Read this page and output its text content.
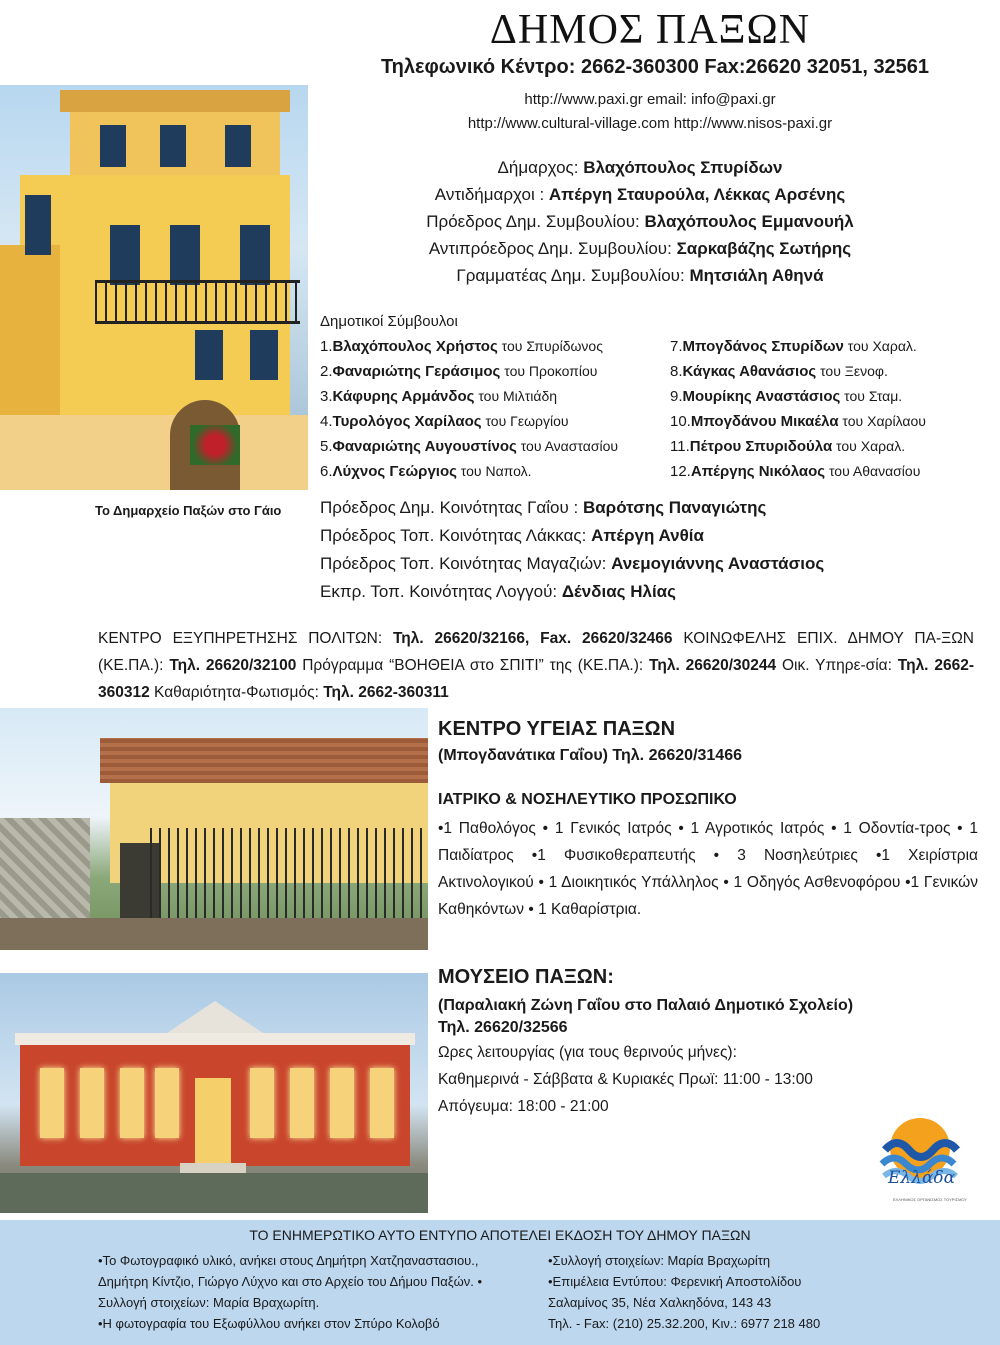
Το Δημαρχείο Παξών στο Γάιο
ΔΗΜΟΣ ΠΑΞΩΝ
Τηλεφωνικό Κέντρο: 2662-360300 Fax:26620 32051, 32561
http://www.paxi.gr email: info@paxi.gr
http://www.cultural-village.com http://www.nisos-paxi.gr
Δήμαρχος: Βλαχόπουλος Σπυρίδων
Αντιδήμαρχοι : Απέργη Σταυρούλα, Λέκκας Αρσένης
Πρόεδρος Δημ. Συμβουλίου: Βλαχόπουλος Εμμανουήλ
Αντιπρόεδρος Δημ. Συμβουλίου: Σαρκαβάζης Σωτήρης
Γραμματέας Δημ. Συμβουλίου: Μητσιάλη Αθηνά
Δημοτικοί Σύμβουλοι
1.Βλαχόπουλος Χρήστος του Σπυρίδωνος
2.Φαναριώτης Γεράσιμος του Προκοπίου
3.Κάφυρης Αρμάνδος του Μιλτιάδη
4.Τυρολόγος Χαρίλαος του Γεωργίου
5.Φαναριώτης Αυγουστίνος του Αναστασίου
6.Λύχνος Γεώργιος του Ναπολ.
7.Μπογδάνος Σπυρίδων του Χαραλ.
8.Κάγκας Αθανάσιος του Ξενοφ.
9.Μουρίκης Αναστάσιος του Σταμ.
10.Μπογδάνου Μικαέλα του Χαρίλαου
11.Πέτρου Σπυριδούλα του Χαραλ.
12.Απέργης Νικόλαος του Αθανασίου
Πρόεδρος Δημ. Κοινότητας Γαΐου : Βαρότσης Παναγιώτης
Πρόεδρος Τοπ. Κοινότητας Λάκκας: Απέργη Ανθία
Πρόεδρος Τοπ. Κοινότητας Μαγαζιών: Ανεμογιάννης Αναστάσιος
Εκπρ. Τοπ. Κοινότητας Λογγού: Δένδιας Ηλίας
ΚΕΝΤΡΟ ΕΞΥΠΗΡΕΤΗΣΗΣ ΠΟΛΙΤΩΝ: Τηλ. 26620/32166, Fax. 26620/32466 ΚΟΙΝΩΦΕΛΗΣ ΕΠΙΧ. ΔΗΜΟΥ ΠΑ-ΞΩΝ (ΚΕ.ΠΑ.): Τηλ. 26620/32100 Πρόγραμμα “ΒΟΗΘΕΙΑ στο ΣΠΙΤΙ” της (ΚΕ.ΠΑ.): Τηλ. 26620/30244 Οικ. Υπηρε-σία: Τηλ. 2662-360312 Καθαριότητα-Φωτισμός: Τηλ. 2662-360311

ΚΕΝΤΡΟ ΥΓΕΙΑΣ ΠΑΞΩΝ

(Μπογδανάτικα Γαΐου) Τηλ. 26620/31466

ΙΑΤΡΙΚΟ & ΝΟΣΗΛΕΥΤΙΚΟ ΠΡΟΣΩΠΙΚΟ

•1 Παθολόγος • 1 Γενικός Ιατρός • 1 Αγροτικός Ιατρός • 1 Οδοντία-τρος • 1 Παιδίατρος •1 Φυσικοθεραπευτής • 3 Νοσηλεύτριες •1 Χειρίστρια Ακτινολογικού • 1 Διοικητικός Υπάλληλος • 1 Οδηγός Ασθενοφόρου •1 Γενικών Καθηκόντων • 1 Καθαρίστρια.

ΜΟΥΣΕΙΟ ΠΑΞΩΝ:

(Παραλιακή Ζώνη Γαΐου στο Παλαιό Δημοτικό Σχολείο)

Τηλ. 26620/32566

Ωρες λειτουργίας (για τους θερινούς μήνες):

Καθημερινά - Σάββατα & Κυριακές Πρωϊ: 11:00 - 13:00

Απόγευμα: 18:00 - 21:00

Ελλάδα
ΕΛΛΗΝΙΚΟΣ ΟΡΓΑΝΙΣΜΟΣ ΤΟΥΡΙΣΜΟΥ
ΤΟ ΕΝΗΜΕΡΩΤΙΚΟ ΑΥΤΟ ΕΝΤΥΠΟ ΑΠΟΤΕΛΕΙ ΕΚΔΟΣΗ ΤΟΥ ΔΗΜΟΥ ΠΑΞΩΝ
•Το Φωτογραφικό υλικό, ανήκει στους Δημήτρη Χατζηαναστασιου.,
Δημήτρη Κίντζιο, Γιώργο Λύχνο και στο Αρχείο του Δήμου Παξών. •
Συλλογή στοιχείων: Μαρία Βραχωρίτη.
•Η φωτογραφία του Εξωφύλλου ανήκει στον Σπύρο Κολοβό
•Συλλογή στοιχείων: Μαρία Βραχωρίτη
•Επιμέλεια Εντύπου: Φερενική Αποστολίδου
Σαλαμίνος 35, Νέα Χαλκηδόνα, 143 43
Τηλ. - Fax: (210) 25.32.200, Κιν.: 6977 218 480
